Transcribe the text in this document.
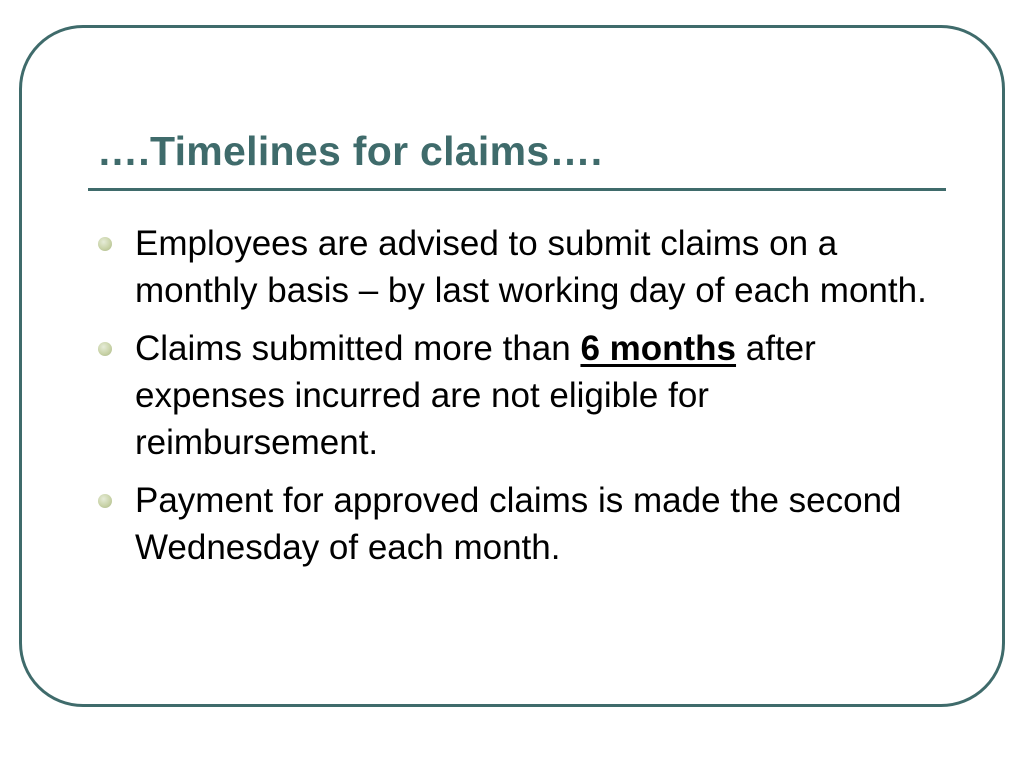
….Timelines for claims….
Employees are advised to submit claims on a monthly basis – by last working day of each month.
Claims submitted more than 6 months after expenses incurred are not eligible for reimbursement.
Payment for approved claims is made the second Wednesday of each month.
